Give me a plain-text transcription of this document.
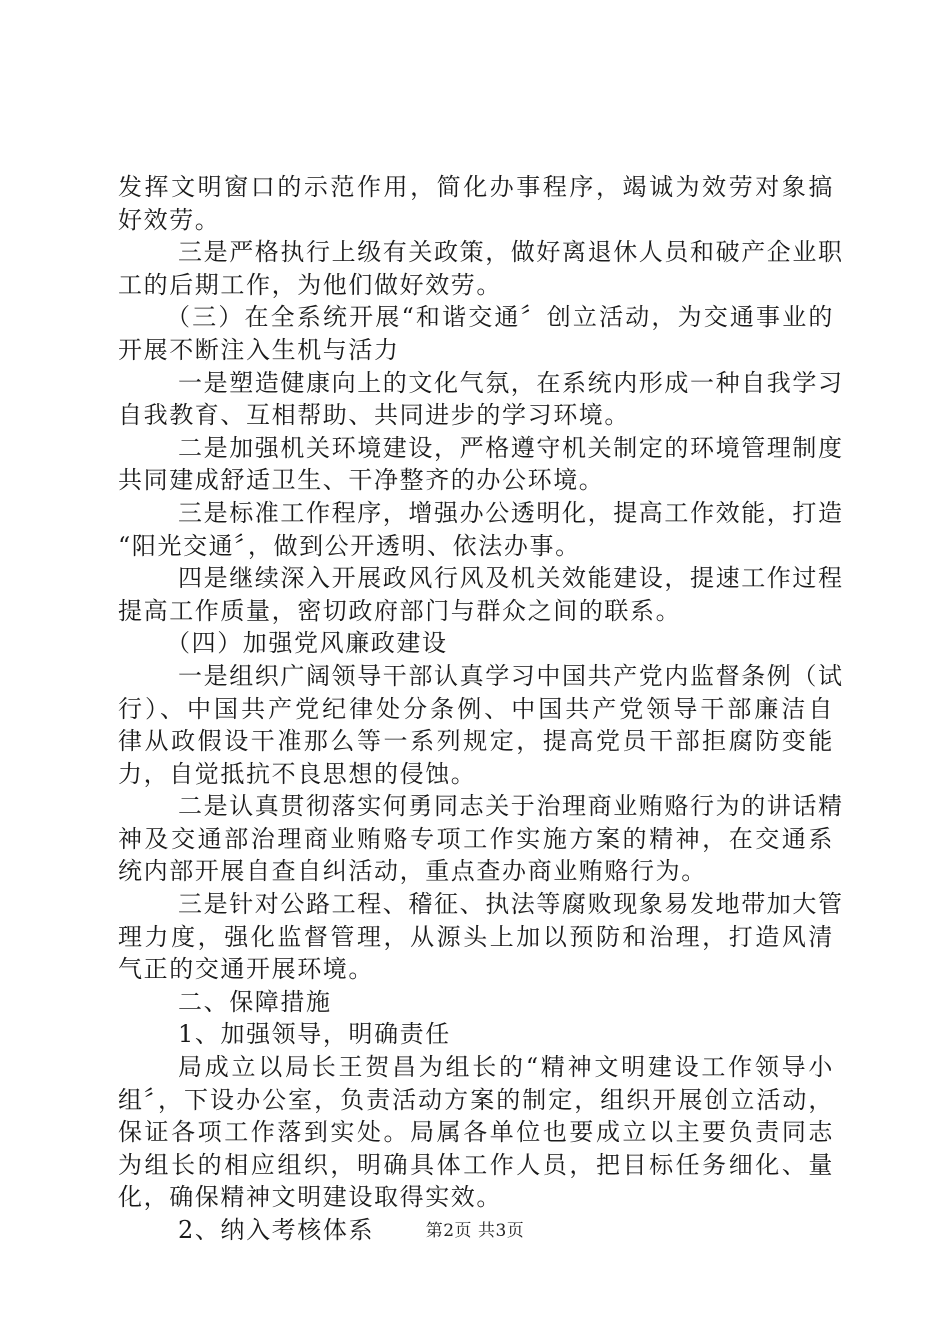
发挥文明窗口的示范作用，简化办事程序，竭诚为效劳对象搞
好效劳。
三是严格执行上级有关政策，做好离退休人员和破产企业职
工的后期工作，为他们做好效劳。
（三）在全系统开展“和谐交通〞创立活动，为交通事业的
开展不断注入生机与活力
一是塑造健康向上的文化气氛，在系统内形成一种自我学习
自我教育、互相帮助、共同进步的学习环境。
二是加强机关环境建设，严格遵守机关制定的环境管理制度
共同建成舒适卫生、干净整齐的办公环境。
三是标准工作程序，增强办公透明化，提高工作效能，打造
“阳光交通〞，做到公开透明、依法办事。
四是继续深入开展政风行风及机关效能建设，提速工作过程
提高工作质量，密切政府部门与群众之间的联系。
（四）加强党风廉政建设
一是组织广阔领导干部认真学习中国共产党内监督条例（试
行）、中国共产党纪律处分条例、中国共产党领导干部廉洁自
律从政假设干准那么等一系列规定，提高党员干部拒腐防变能
力，自觉抵抗不良思想的侵蚀。
二是认真贯彻落实何勇同志关于治理商业贿赂行为的讲话精
神及交通部治理商业贿赂专项工作实施方案的精神，在交通系
统内部开展自查自纠活动，重点查办商业贿赂行为。
三是针对公路工程、稽征、执法等腐败现象易发地带加大管
理力度，强化监督管理，从源头上加以预防和治理，打造风清
气正的交通开展环境。
二、保障措施
1、加强领导，明确责任
局成立以局长王贺昌为组长的“精神文明建设工作领导小
组〞，下设办公室，负责活动方案的制定，组织开展创立活动，
保证各项工作落到实处。局属各单位也要成立以主要负责同志
为组长的相应组织，明确具体工作人员，把目标任务细化、量
化，确保精神文明建设取得实效。
2、纳入考核体系	第2页 共3页
